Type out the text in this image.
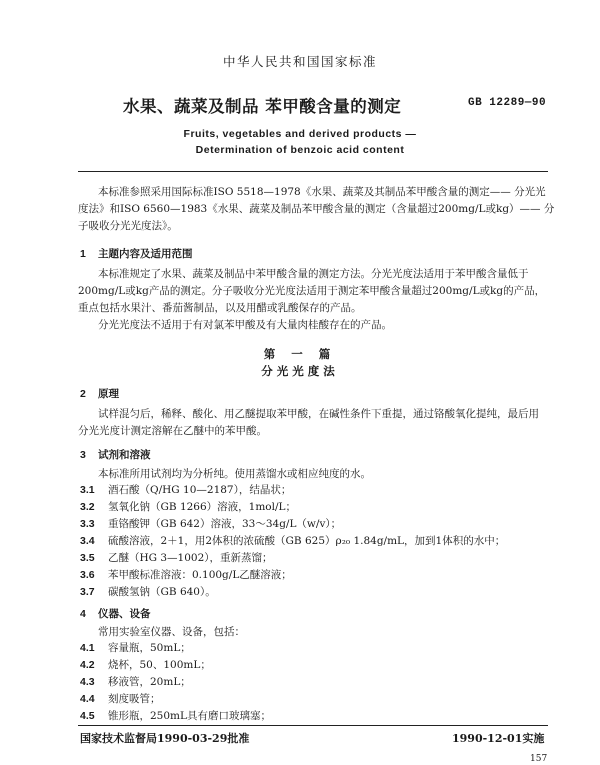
中华人民共和国国家标准
水果、蔬菜及制品 苯甲酸含量的测定	GB 12289—90
Fruits, vegetables and derived products —
Determination of benzoic acid content
本标准参照采用国际标准ISO 5518—1978《水果、蔬菜及其制品苯甲酸含量的测定—— 分光光
度法》和ISO 6560—1983《水果、蔬菜及制品苯甲酸含量的测定（含量超过200mg/L或kg）—— 分
子吸收分光光度法》。
1 主题内容及适用范围
本标准规定了水果、蔬菜及制品中苯甲酸含量的测定方法。分光光度法适用于苯甲酸含量低于
200mg/L或kg产品的测定。分子吸收分光光度法适用于测定苯甲酸含量超过200mg/L或kg的产品，
重点包括水果汁、番茄酱制品，以及用醋或乳酸保存的产品。
分光光度法不适用于有对氯苯甲酸及有大量肉桂酸存在的产品。
第 一 篇
分光光度法
2 原理
试样混匀后，稀释、酸化、用乙醚提取苯甲酸，在碱性条件下重提，通过铬酸氧化提纯，最后用
分光光度计测定溶解在乙醚中的苯甲酸。
3 试剂和溶液
本标准所用试剂均为分析纯。使用蒸馏水或相应纯度的水。
3.1 酒石酸（Q/HG 10—2187），结晶状；
3.2 氢氧化钠（GB 1266）溶液，1mol/L；
3.3 重铬酸钾（GB 642）溶液，33～34g/L（w/v）；
3.4 硫酸溶液，2＋1，用2体积的浓硫酸（GB 625）ρ₂₀ 1.84g/mL，加到1体积的水中；
3.5 乙醚（HG 3—1002），重新蒸馏；
3.6 苯甲酸标准溶液：0.100g/L乙醚溶液；
3.7 碳酸氢钠（GB 640）。
4 仪器、设备
常用实验室仪器、设备，包括：
4.1 容量瓶，50mL；
4.2 烧杯，50、100mL；
4.3 移液管，20mL；
4.4 刻度吸管；
4.5 锥形瓶，250mL具有磨口玻璃塞；
国家技术监督局1990-03-29批准	1990-12-01实施
157
